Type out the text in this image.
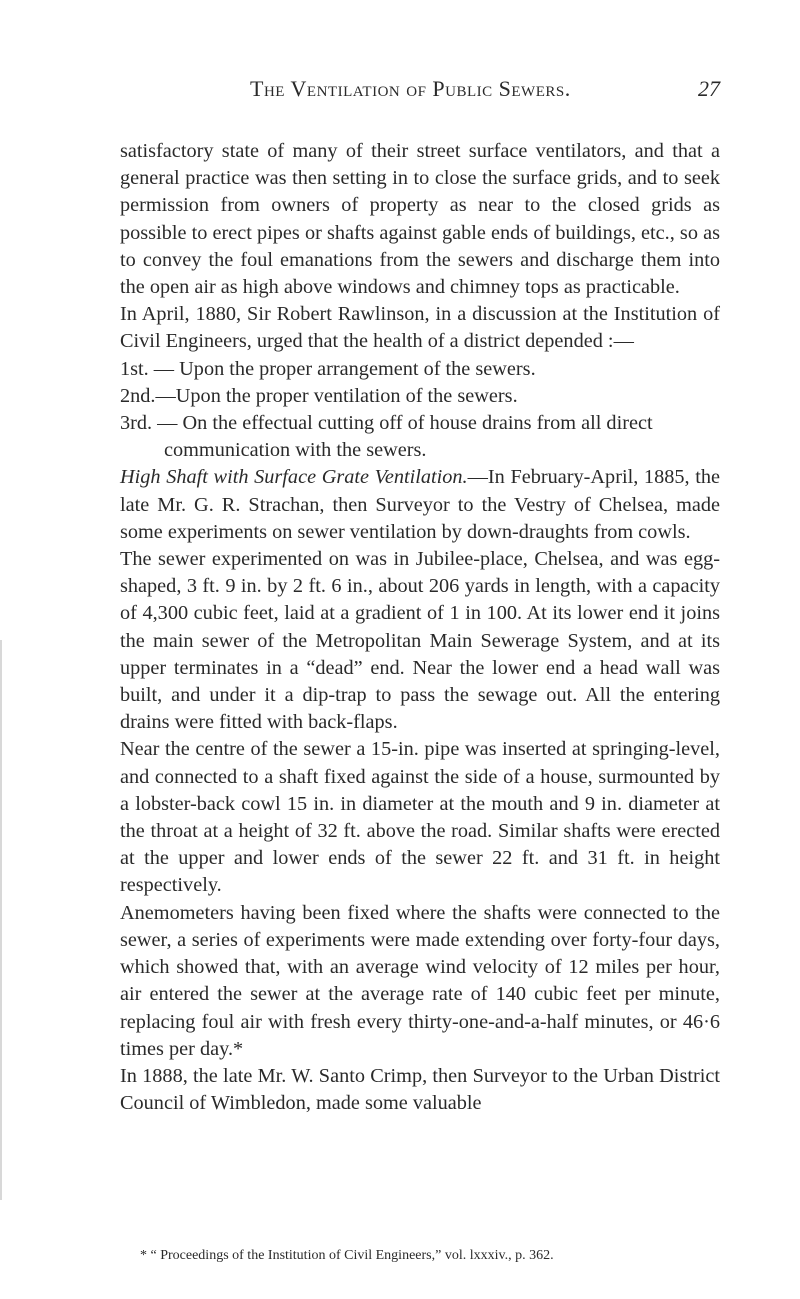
The Ventilation of Public Sewers.	27

satisfactory state of many of their street surface ventilators, and that a general practice was then setting in to close the surface grids, and to seek permission from owners of property as near to the closed grids as possible to erect pipes or shafts against gable ends of buildings, etc., so as to convey the foul emanations from the sewers and discharge them into the open air as high above windows and chimney tops as practicable.

In April, 1880, Sir Robert Rawlinson, in a discussion at the Institution of Civil Engineers, urged that the health of a district depended :—

1st. — Upon the proper arrangement of the sewers.

2nd.—Upon the proper ventilation of the sewers.

3rd. — On the effectual cutting off of house drains from all direct communication with the sewers.

High Shaft with Surface Grate Ventilation.—In February-April, 1885, the late Mr. G. R. Strachan, then Surveyor to the Vestry of Chelsea, made some experiments on sewer ventilation by down-draughts from cowls.

The sewer experimented on was in Jubilee-place, Chelsea, and was egg-shaped, 3 ft. 9 in. by 2 ft. 6 in., about 206 yards in length, with a capacity of 4,300 cubic feet, laid at a gradient of 1 in 100. At its lower end it joins the main sewer of the Metropolitan Main Sewerage System, and at its upper terminates in a “dead” end. Near the lower end a head wall was built, and under it a dip-trap to pass the sewage out. All the entering drains were fitted with back-flaps.

Near the centre of the sewer a 15-in. pipe was inserted at springing-level, and connected to a shaft fixed against the side of a house, surmounted by a lobster-back cowl 15 in. in diameter at the mouth and 9 in. diameter at the throat at a height of 32 ft. above the road. Similar shafts were erected at the upper and lower ends of the sewer 22 ft. and 31 ft. in height respectively.

Anemometers having been fixed where the shafts were connected to the sewer, a series of experiments were made extending over forty-four days, which showed that, with an average wind velocity of 12 miles per hour, air entered the sewer at the average rate of 140 cubic feet per minute, replacing foul air with fresh every thirty-one-and-a-half minutes, or 46·6 times per day.*

In 1888, the late Mr. W. Santo Crimp, then Surveyor to the Urban District Council of Wimbledon, made some valuable

* “ Proceedings of the Institution of Civil Engineers,” vol. lxxxiv., p. 362.
